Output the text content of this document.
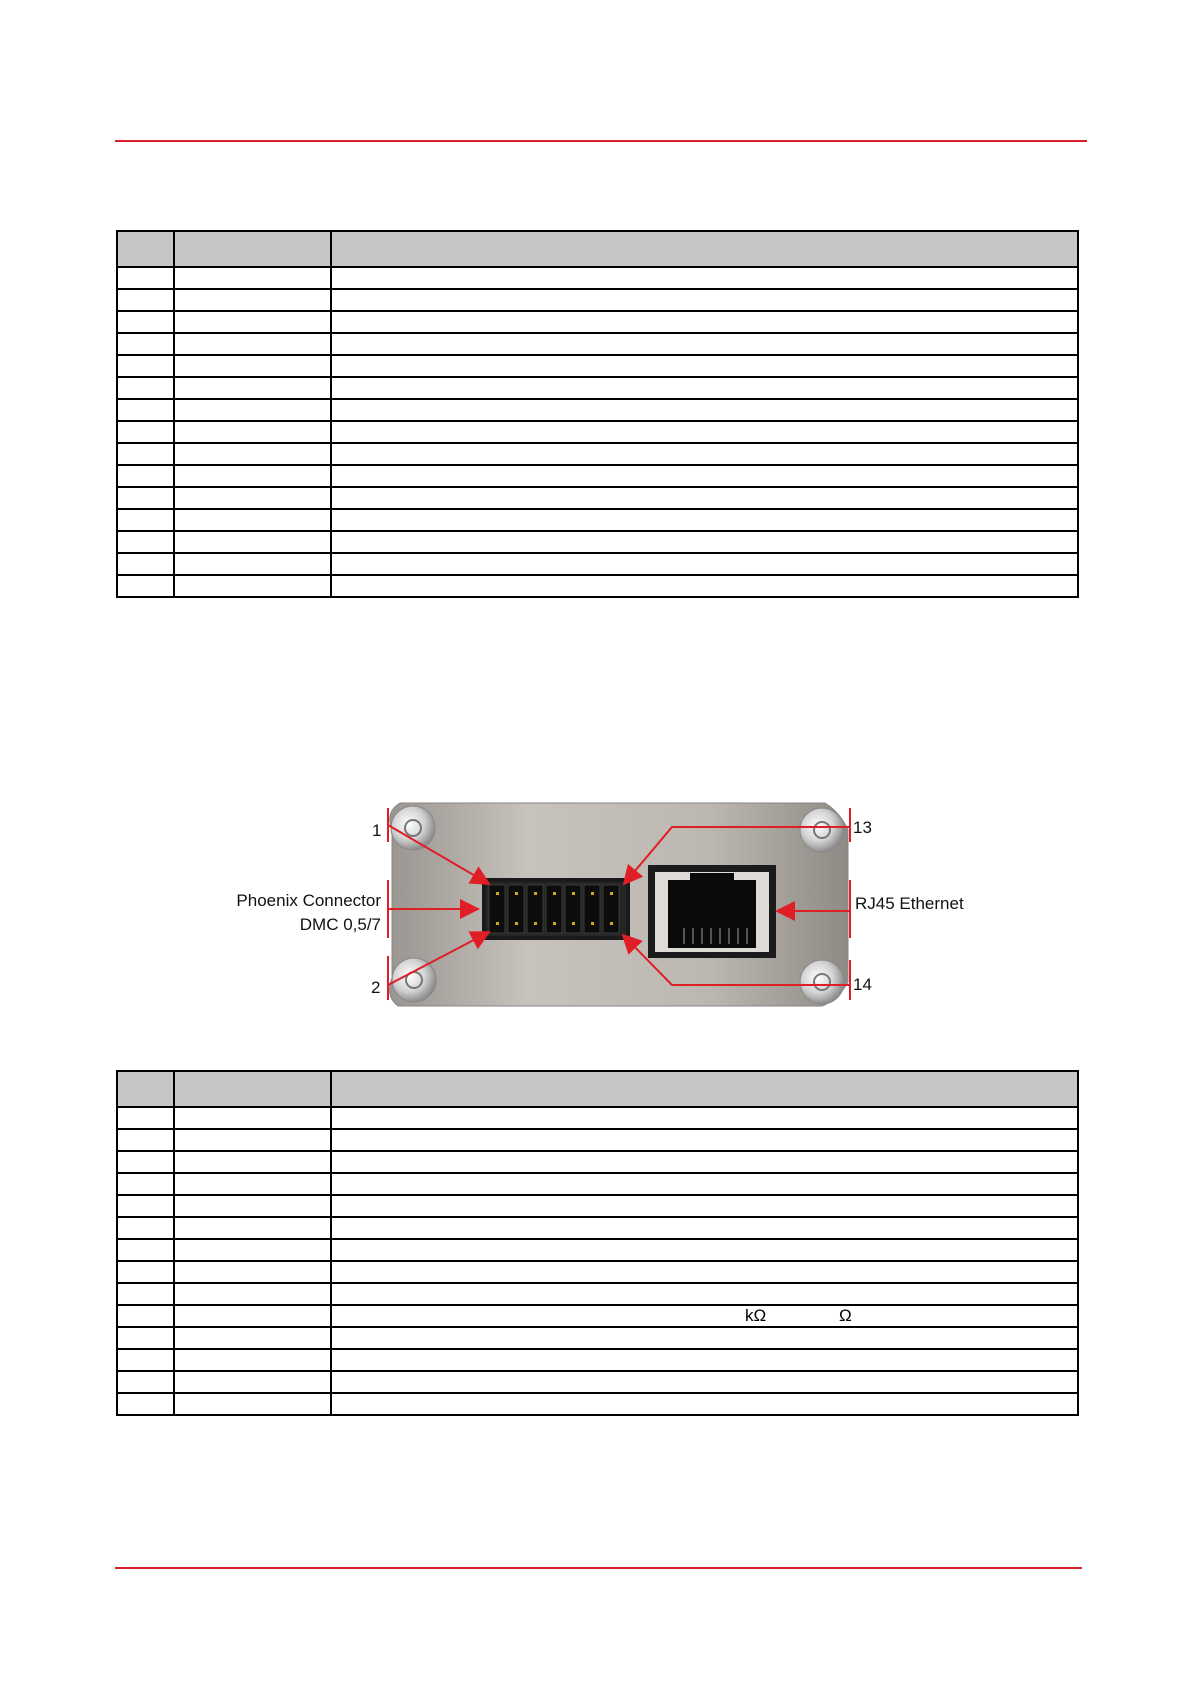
1
2
13
14
Phoenix Connector
DMC 0,5/7
RJ45 Ethernet

kΩ	Ω
